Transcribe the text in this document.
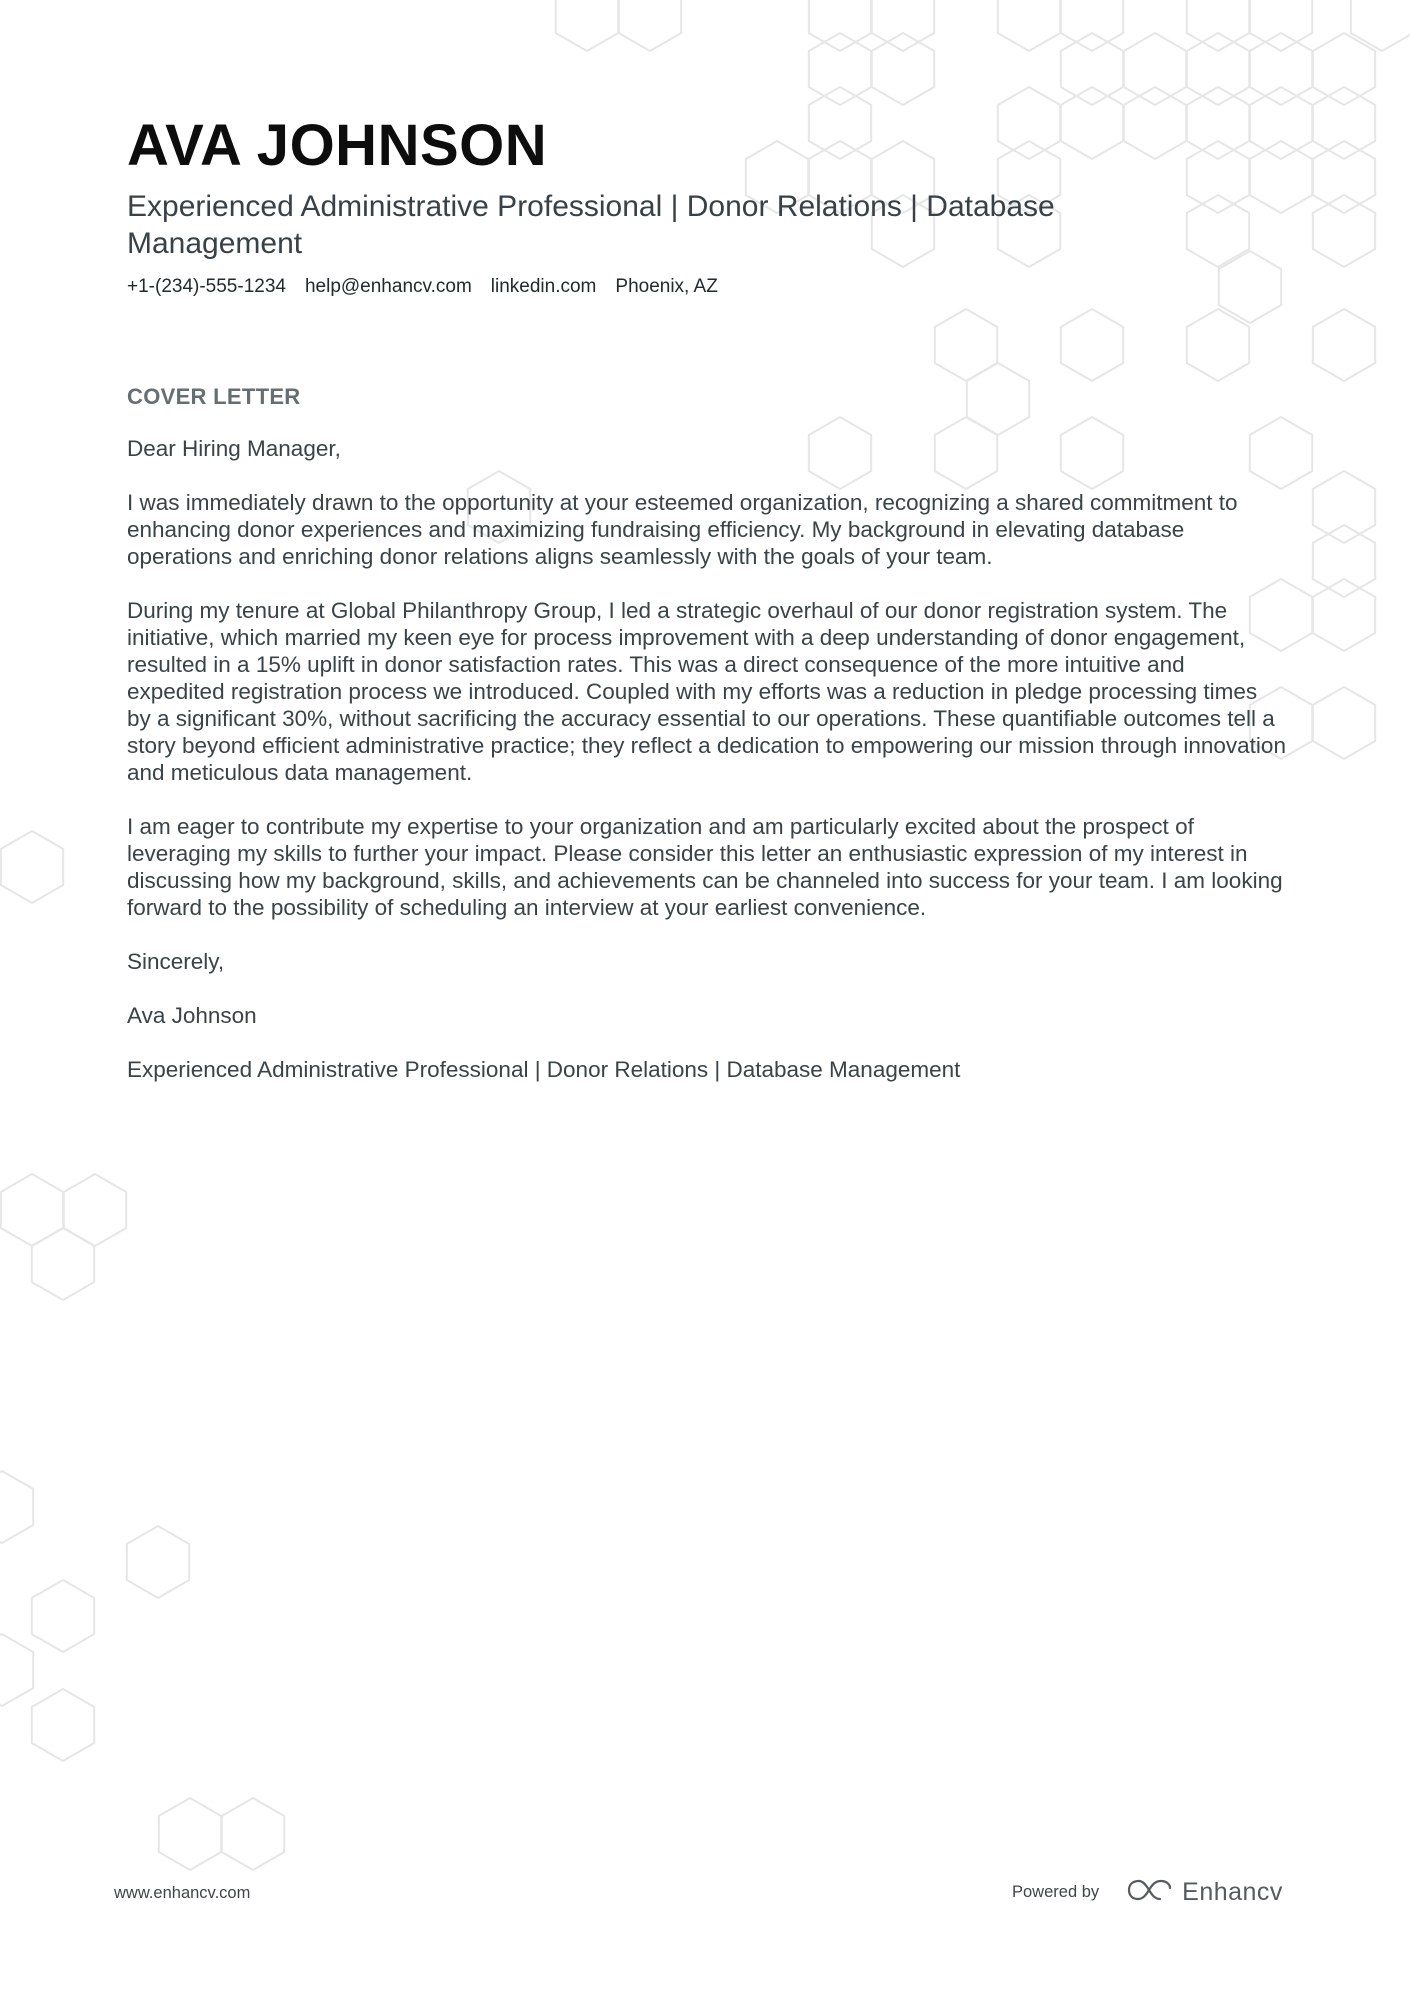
AVA JOHNSON
Experienced Administrative Professional | Donor Relations | Database Management
+1-(234)-555-1234 help@enhancv.com linkedin.com Phoenix, AZ
COVER LETTER

Dear Hiring Manager,

I was immediately drawn to the opportunity at your esteemed organization, recognizing a shared commitment to enhancing donor experiences and maximizing fundraising efficiency. My background in elevating database operations and enriching donor relations aligns seamlessly with the goals of your team.

During my tenure at Global Philanthropy Group, I led a strategic overhaul of our donor registration system. The initiative, which married my keen eye for process improvement with a deep understanding of donor engagement, resulted in a 15% uplift in donor satisfaction rates. This was a direct consequence of the more intuitive and expedited registration process we introduced. Coupled with my efforts was a reduction in pledge processing times by a significant 30%, without sacrificing the accuracy essential to our operations. These quantifiable outcomes tell a story beyond efficient administrative practice; they reflect a dedication to empowering our mission through innovation and meticulous data management.

I am eager to contribute my expertise to your organization and am particularly excited about the prospect of leveraging my skills to further your impact. Please consider this letter an enthusiastic expression of my interest in discussing how my background, skills, and achievements can be channeled into success for your team. I am looking forward to the possibility of scheduling an interview at your earliest convenience.

Sincerely,

Ava Johnson

Experienced Administrative Professional | Donor Relations | Database Management

www.enhancv.com	Powered by	Enhancv
